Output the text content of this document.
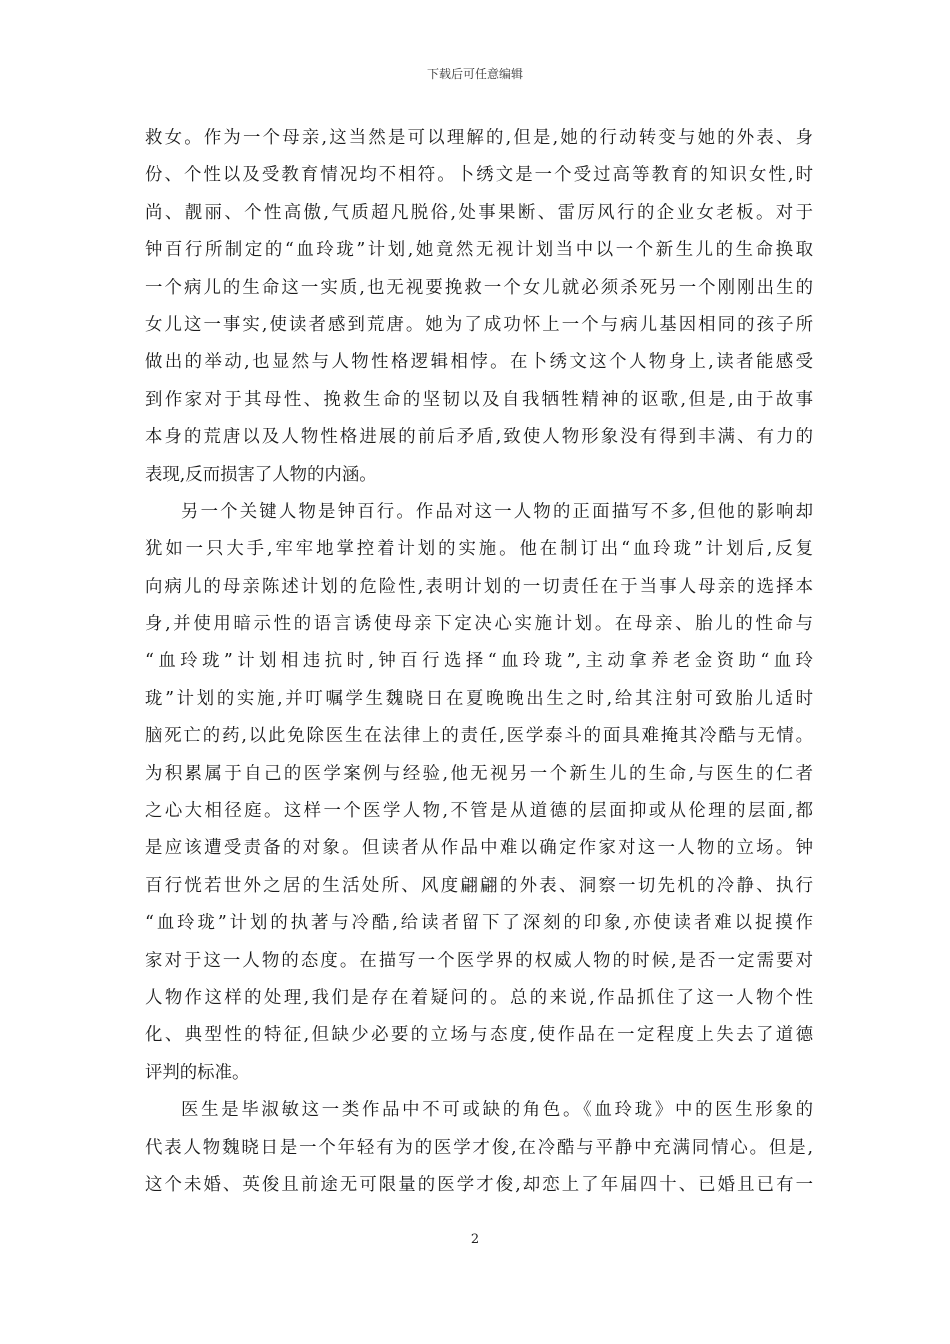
下载后可任意编辑
救女。作为一个母亲,这当然是可以理解的,但是,她的行动转变与她的外表、身
份、个性以及受教育情况均不相符。卜绣文是一个受过高等教育的知识女性,时
尚、靓丽、个性高傲,气质超凡脱俗,处事果断、雷厉风行的企业女老板。对于
钟百行所制定的“血玲珑”计划,她竟然无视计划当中以一个新生儿的生命换取
一个病儿的生命这一实质,也无视要挽救一个女儿就必须杀死另一个刚刚出生的
女儿这一事实,使读者感到荒唐。她为了成功怀上一个与病儿基因相同的孩子所
做出的举动,也显然与人物性格逻辑相悖。在卜绣文这个人物身上,读者能感受
到作家对于其母性、挽救生命的坚韧以及自我牺牲精神的讴歌,但是,由于故事
本身的荒唐以及人物性格进展的前后矛盾,致使人物形象没有得到丰满、有力的
表现,反而损害了人物的内涵。
另一个关键人物是钟百行。作品对这一人物的正面描写不多,但他的影响却
犹如一只大手,牢牢地掌控着计划的实施。他在制订出“血玲珑”计划后,反复
向病儿的母亲陈述计划的危险性,表明计划的一切责任在于当事人母亲的选择本
身,并使用暗示性的语言诱使母亲下定决心实施计划。在母亲、胎儿的性命与
“血玲珑”计划相违抗时,钟百行选择“血玲珑”,主动拿养老金资助“血玲
珑”计划的实施,并叮嘱学生魏晓日在夏晚晚出生之时,给其注射可致胎儿适时
脑死亡的药,以此免除医生在法律上的责任,医学泰斗的面具难掩其冷酷与无情。
为积累属于自己的医学案例与经验,他无视另一个新生儿的生命,与医生的仁者
之心大相径庭。这样一个医学人物,不管是从道德的层面抑或从伦理的层面,都
是应该遭受责备的对象。但读者从作品中难以确定作家对这一人物的立场。钟
百行恍若世外之居的生活处所、风度翩翩的外表、洞察一切先机的冷静、执行
“血玲珑”计划的执著与冷酷,给读者留下了深刻的印象,亦使读者难以捉摸作
家对于这一人物的态度。在描写一个医学界的权威人物的时候,是否一定需要对
人物作这样的处理,我们是存在着疑问的。总的来说,作品抓住了这一人物个性
化、典型性的特征,但缺少必要的立场与态度,使作品在一定程度上失去了道德
评判的标准。
医生是毕淑敏这一类作品中不可或缺的角色。《血玲珑》中的医生形象的
代表人物魏晓日是一个年轻有为的医学才俊,在冷酷与平静中充满同情心。但是,
这个未婚、英俊且前途无可限量的医学才俊,却恋上了年届四十、已婚且已有一
2
